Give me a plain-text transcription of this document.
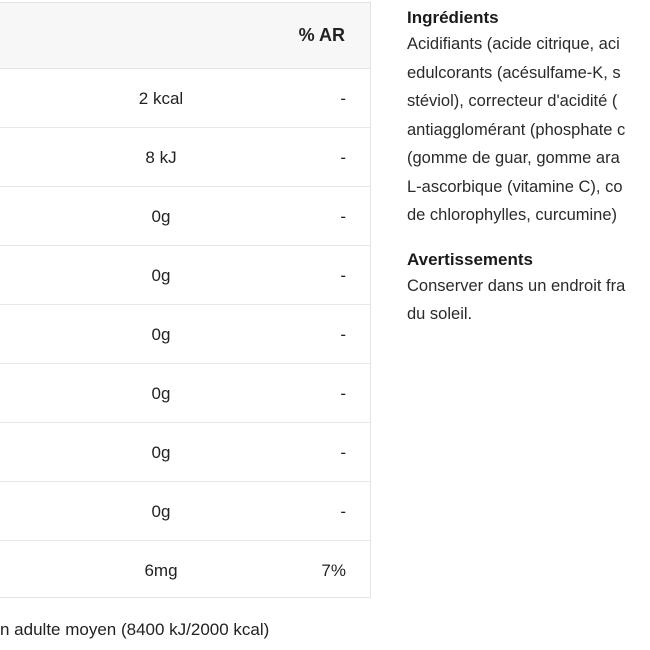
% AR
2 kcal	-
8 kJ	-
0g	-
0g	-
0g	-
0g	-
0g	-
0g	-
6mg	7%
n adulte moyen (8400 kJ/2000 kcal)
Ingrédients
Acidifiants (acide citrique, aci
edulcorants (acésulfame-K, s
stéviol), correcteur d'acidité (
antiagglomérant (phosphate c
(gomme de guar, gomme ara
L-ascorbique (vitamine C), co
de chlorophylles, curcumine)
Avertissements
Conserver dans un endroit fra
du soleil.
